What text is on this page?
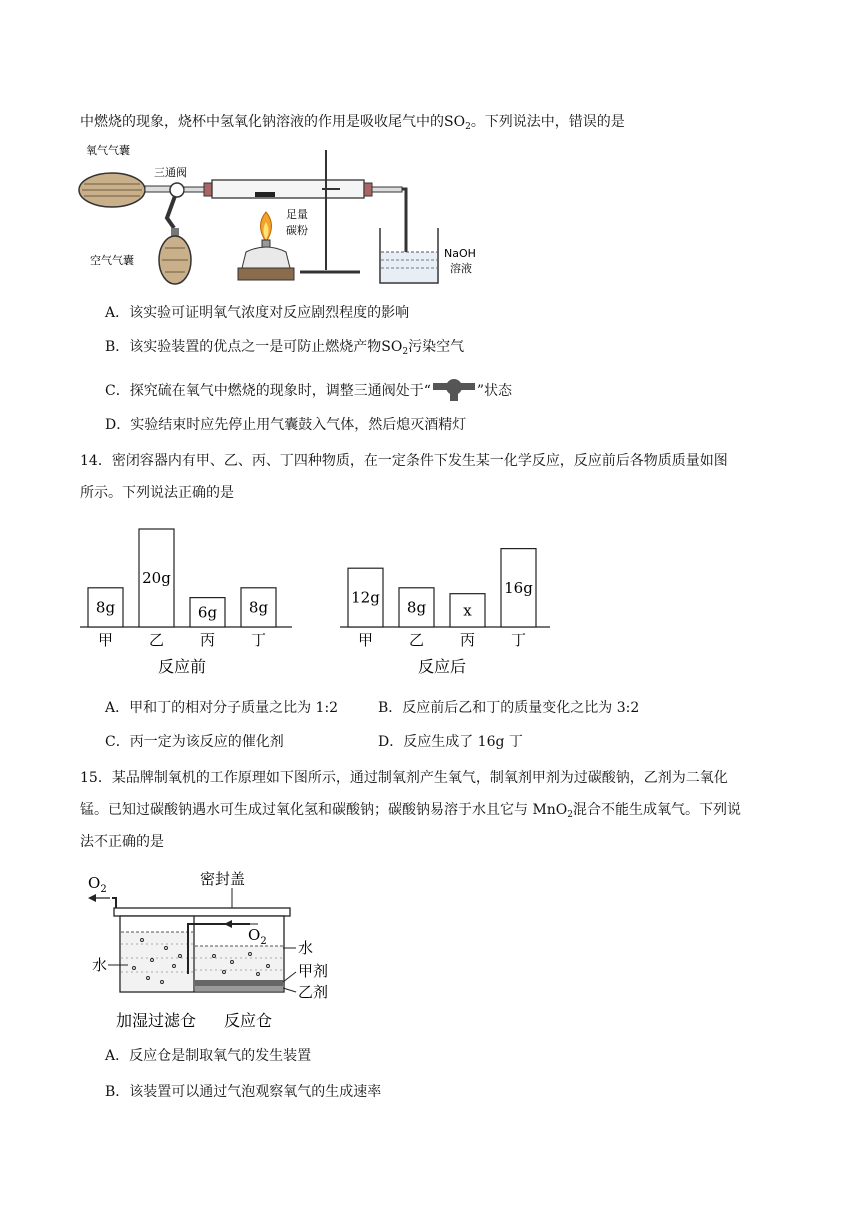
中燃烧的现象，烧杯中氢氧化钠溶液的作用是吸收尾气中的$SO_2$。下列说法中，错误的是
氧气气囊
三通阀
空气气囊
足量
碳粉
NaOH
溶液
A．该实验可证明氧气浓度对反应剧烈程度的影响
B．该实验装置的优点之一是可防止燃烧产物$SO_2$污染空气
C．探究硫在氧气中燃烧的现象时，调整三通阀处于“	”状态
D．实验结束时应先停止用气囊鼓入气体，然后熄灭酒精灯
14．密闭容器内有甲、乙、丙、丁四种物质，在一定条件下发生某一化学反应，反应前后各物质质量如图
所示。下列说法正确的是
8g
甲
20g
乙
6g
丙
8g
丁
反应前
12g
甲
8g
乙
x
丙
16g
丁
反应后
A．甲和丁的相对分子质量之比为 1:2	B．反应前后乙和丁的质量变化之比为 3:2
C．丙一定为该反应的催化剂	D．反应生成了 16g 丁
15．某品牌制氧机的工作原理如下图所示，通过制氧剂产生氧气，制氧剂甲剂为过碳酸钠，乙剂为二氧化
锰。已知过碳酸钠遇水可生成过氧化氢和碳酸钠；碳酸钠易溶于水且它与 MnO$_2$混合不能生成氧气。下列说
法不正确的是
$O_2$
密封盖
$O_2$ 水
甲剂
乙剂
水
加湿过滤仓 反应仓
A．反应仓是制取氧气的发生装置
B．该装置可以通过气泡观察氧气的生成速率
